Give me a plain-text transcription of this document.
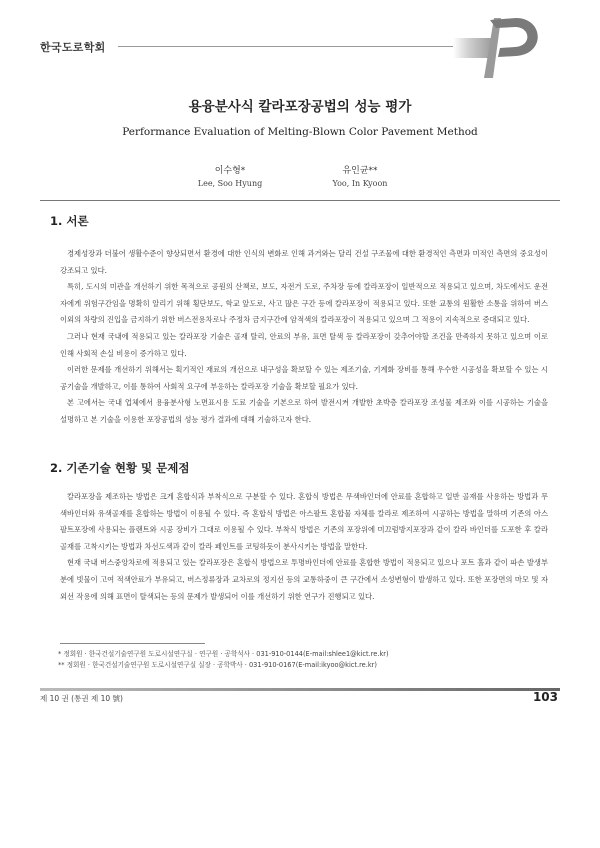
한국도로학회
용융분사식 칼라포장공법의 성능 평가
Performance Evaluation of Melting-Blown Color Pavement Method
이수형*
Lee, Soo Hyung
유인균**
Yoo, In Kyoon
1. 서론

경제성장과 더불어 생활수준이 향상되면서 환경에 대한 인식의 변화로 인해 과거와는 달리 건설 구조물에 대한 환경적인 측면과 미적인 측면의 중요성이 강조되고 있다.

특히, 도시의 미관을 개선하기 위한 목적으로 공원의 산책로, 보도, 자전거 도로, 주차장 등에 칼라포장이 일반적으로 적용되고 있으며, 차도에서도 운전자에게 위험구간임을 명확히 알리기 위해 횡단보도, 학교 앞도로, 사고 많은 구간 등에 칼라포장이 적용되고 있다. 또한 교통의 원활한 소통을 위하여 버스 이외의 차량의 진입을 금지하기 위한 버스전용차로나 주정차 금지구간에 암적색의 칼라포장이 적용되고 있으며 그 적용이 지속적으로 증대되고 있다.

그러나 현재 국내에 적용되고 있는 칼라포장 기술은 골재 탈리, 안료의 부유, 표면 탈색 등 칼라포장이 갖추어야할 조건을 만족하지 못하고 있으며 이로 인해 사회적 손실 비용이 증가하고 있다.

이러한 문제를 개선하기 위해서는 획기적인 재료의 개선으로 내구성을 확보할 수 있는 제조기술, 기계화 장비를 통해 우수한 시공성을 확보할 수 있는 시공기술을 개발하고, 이를 통하여 사회적 요구에 부응하는 칼라포장 기술을 확보할 필요가 있다.

본 고에서는 국내 업체에서 용융분사형 노면표시용 도료 기술을 기본으로 하여 발전시켜 개발한 초박층 칼라포장 조성물 제조와 이를 시공하는 기술을 설명하고 본 기술을 이용한 포장공법의 성능 평가 결과에 대해 기술하고자 한다.

2. 기존기술 현황 및 문제점

칼라포장을 제조하는 방법은 크게 혼합식과 부착식으로 구분할 수 있다. 혼합식 방법은 무색바인더에 안료를 혼합하고 일반 골재를 사용하는 방법과 무색바인더와 유색골재를 혼합하는 방법이 이용될 수 있다. 즉 혼합식 방법은 아스팔트 혼합물 자체를 칼라로 제조하여 시공하는 방법을 말하며 기존의 아스팔트포장에 사용되는 플랜트와 시공 장비가 그대로 이용될 수 있다. 부착식 방법은 기존의 포장위에 미끄럼방지포장과 같이 칼라 바인더를 도포한 후 칼라골재를 고착시키는 방법과 차선도색과 같이 칼라 페인트를 코팅하듯이 분사시키는 방법을 말한다.

현재 국내 버스중앙차로에 적용되고 있는 칼라포장은 혼합식 방법으로 투명바인더에 안료를 혼합한 방법이 적용되고 있으나 포트 홀과 같이 파손 발생부분에 빗물이 고여 적색안료가 부유되고, 버스정류장과 교차로의 정지선 등의 교통하중이 큰 구간에서 소성변형이 발생하고 있다. 또한 포장면의 마모 및 자외선 작용에 의해 표면이 탈색되는 등의 문제가 발생되어 이를 개선하기 위한 연구가 진행되고 있다.

* 정회원 · 한국건설기술연구원 도로시설연구실 · 연구원 · 공학석사 · 031-910-0144(E-mail:shlee1@kict.re.kr)
** 정회원 · 한국건설기술연구원 도로시설연구실 실장 · 공학박사 · 031-910-0167(E-mail:ikyoo@kict.re.kr)
제 10 권 (통권 제 10 號)	103
